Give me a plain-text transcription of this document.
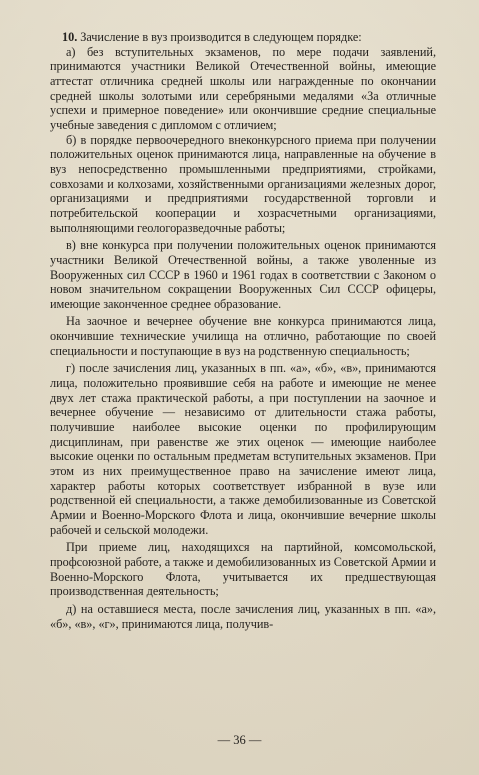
10. Зачисление в вуз производится в следующем порядке:

а) без вступительных экзаменов, по мере подачи заявлений, принимаются участники Великой Отечественной войны, имеющие аттестат отличника средней школы или награжденные по окончании средней школы золотыми или серебряными медалями «За отличные успехи и примерное поведение» или окончившие средние специальные учебные заведения с дипломом с отличием;

б) в порядке первоочередного внеконкурсного приема при получении положительных оценок принимаются лица, направленные на обучение в вуз непосредственно промышленными предприятиями, стройками, совхозами и колхозами, хозяйственными организациями железных дорог, организациями и предприятиями государственной торговли и потребительской кооперации и хозрасчетными организациями, выполняющими геологоразведочные работы;

в) вне конкурса при получении положительных оценок принимаются участники Великой Отечественной войны, а также уволенные из Вооруженных сил СССР в 1960 и 1961 годах в соответствии с Законом о новом значительном сокращении Вооруженных Сил СССР офицеры, имеющие законченное среднее образование.

На заочное и вечернее обучение вне конкурса принимаются лица, окончившие технические училища на отлично, работающие по своей специальности и поступающие в вуз на родственную специальность;

г) после зачисления лиц, указанных в пп. «а», «б», «в», принимаются лица, положительно проявившие себя на работе и имеющие не менее двух лет стажа практической работы, а при поступлении на заочное и вечернее обучение — независимо от длительности стажа работы, получившие наиболее высокие оценки по профилирующим дисциплинам, при равенстве же этих оценок — имеющие наиболее высокие оценки по остальным предметам вступительных экзаменов. При этом из них преимущественное право на зачисление имеют лица, характер работы которых соответствует избранной в вузе или родственной ей специальности, а также демобилизованные из Советской Армии и Военно-Морского Флота и лица, окончившие вечерние школы рабочей и сельской молодежи.

При приеме лиц, находящихся на партийной, комсомольской, профсоюзной работе, а также и демобилизованных из Советской Армии и Военно-Морского Флота, учитывается их предшествующая производственная деятельность;

д) на оставшиеся места, после зачисления лиц, указанных в пп. «а», «б», «в», «г», принимаются лица, получив-

— 36 —
